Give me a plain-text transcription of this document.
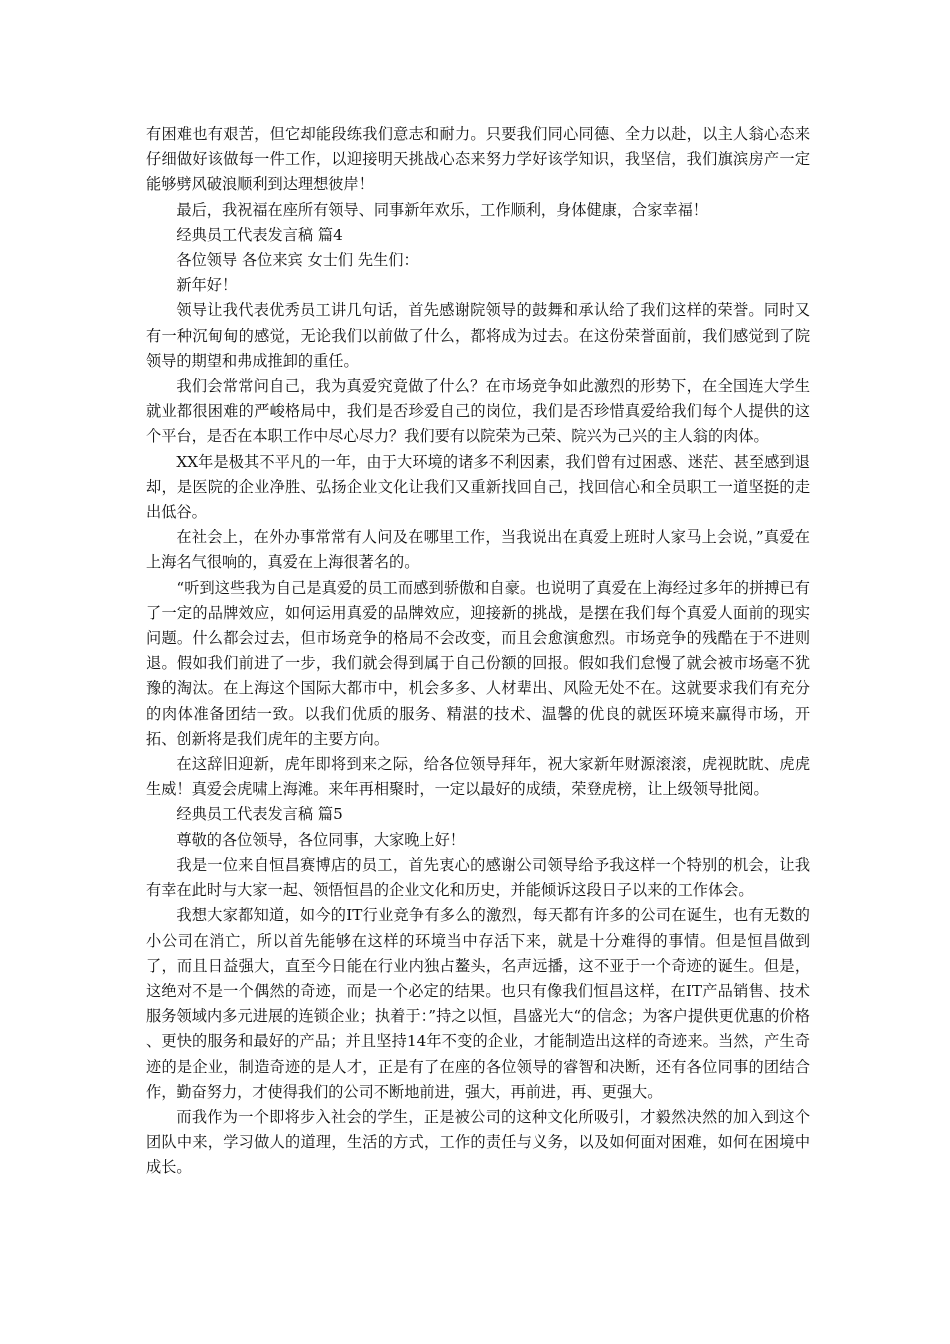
有困难也有艰苦，但它却能段练我们意志和耐力。只要我们同心同德、全力以赴，以主人翁心态来仔细做好该做每一件工作，以迎接明天挑战心态来努力学好该学知识，我坚信，我们旗滨房产一定能够劈风破浪顺利到达理想彼岸！

最后，我祝福在座所有领导、同事新年欢乐，工作顺利，身体健康，合家幸福！

经典员工代表发言稿 篇4

各位领导 各位来宾 女士们 先生们：

新年好！

领导让我代表优秀员工讲几句话，首先感谢院领导的鼓舞和承认给了我们这样的荣誉。同时又有一种沉甸甸的感觉，无论我们以前做了什么，都将成为过去。在这份荣誉面前，我们感觉到了院领导的期望和弗成推卸的重任。

我们会常常问自己，我为真爱究竟做了什么？在市场竞争如此激烈的形势下，在全国连大学生就业都很困难的严峻格局中，我们是否珍爱自己的岗位，我们是否珍惜真爱给我们每个人提供的这个平台，是否在本职工作中尽心尽力？我们要有以院荣为己荣、院兴为己兴的主人翁的肉体。

XX年是极其不平凡的一年，由于大环境的诸多不利因素，我们曾有过困惑、迷茫、甚至感到退却，是医院的企业净胜、弘扬企业文化让我们又重新找回自己，找回信心和全员职工一道坚挺的走出低谷。

在社会上，在外办事常常有人问及在哪里工作，当我说出在真爱上班时人家马上会说，”真爱在上海名气很响的，真爱在上海很著名的。

“听到这些我为自己是真爱的员工而感到骄傲和自豪。也说明了真爱在上海经过多年的拼搏已有了一定的品牌效应，如何运用真爱的品牌效应，迎接新的挑战，是摆在我们每个真爱人面前的现实问题。什么都会过去，但市场竞争的格局不会改变，而且会愈演愈烈。市场竞争的残酷在于不进则退。假如我们前进了一步，我们就会得到属于自己份额的回报。假如我们怠慢了就会被市场毫不犹豫的淘汰。在上海这个国际大都市中，机会多多、人材辈出、风险无处不在。这就要求我们有充分的肉体准备团结一致。以我们优质的服务、精湛的技术、温馨的优良的就医环境来赢得市场，开拓、创新将是我们虎年的主要方向。

在这辞旧迎新，虎年即将到来之际，给各位领导拜年，祝大家新年财源滚滚，虎视眈眈、虎虎生威！真爱会虎啸上海滩。来年再相聚时，一定以最好的成绩，荣登虎榜，让上级领导批阅。

经典员工代表发言稿 篇5

尊敬的各位领导，各位同事，大家晚上好！

我是一位来自恒昌赛博店的员工，首先衷心的感谢公司领导给予我这样一个特别的机会，让我有幸在此时与大家一起、领悟恒昌的企业文化和历史，并能倾诉这段日子以来的工作体会。

我想大家都知道，如今的IT行业竞争有多么的激烈，每天都有许多的公司在诞生，也有无数的小公司在消亡，所以首先能够在这样的环境当中存活下来，就是十分难得的事情。但是恒昌做到了，而且日益强大，直至今日能在行业内独占鳌头，名声远播，这不亚于一个奇迹的诞生。但是，这绝对不是一个偶然的奇迹，而是一个必定的结果。也只有像我们恒昌这样，在IT产品销售、技术服务领域内多元进展的连锁企业；执着于：”持之以恒，昌盛光大“的信念；为客户提供更优惠的价格 、更快的服务和最好的产品；并且坚持14年不变的企业，才能制造出这样的奇迹来。当然，产生奇迹的是企业，制造奇迹的是人才，正是有了在座的各位领导的睿智和决断，还有各位同事的团结合作，勤奋努力，才使得我们的公司不断地前进，强大，再前进，再、更强大。

而我作为一个即将步入社会的学生，正是被公司的这种文化所吸引，才毅然决然的加入到这个团队中来，学习做人的道理，生活的方式，工作的责任与义务，以及如何面对困难，如何在困境中成长。
